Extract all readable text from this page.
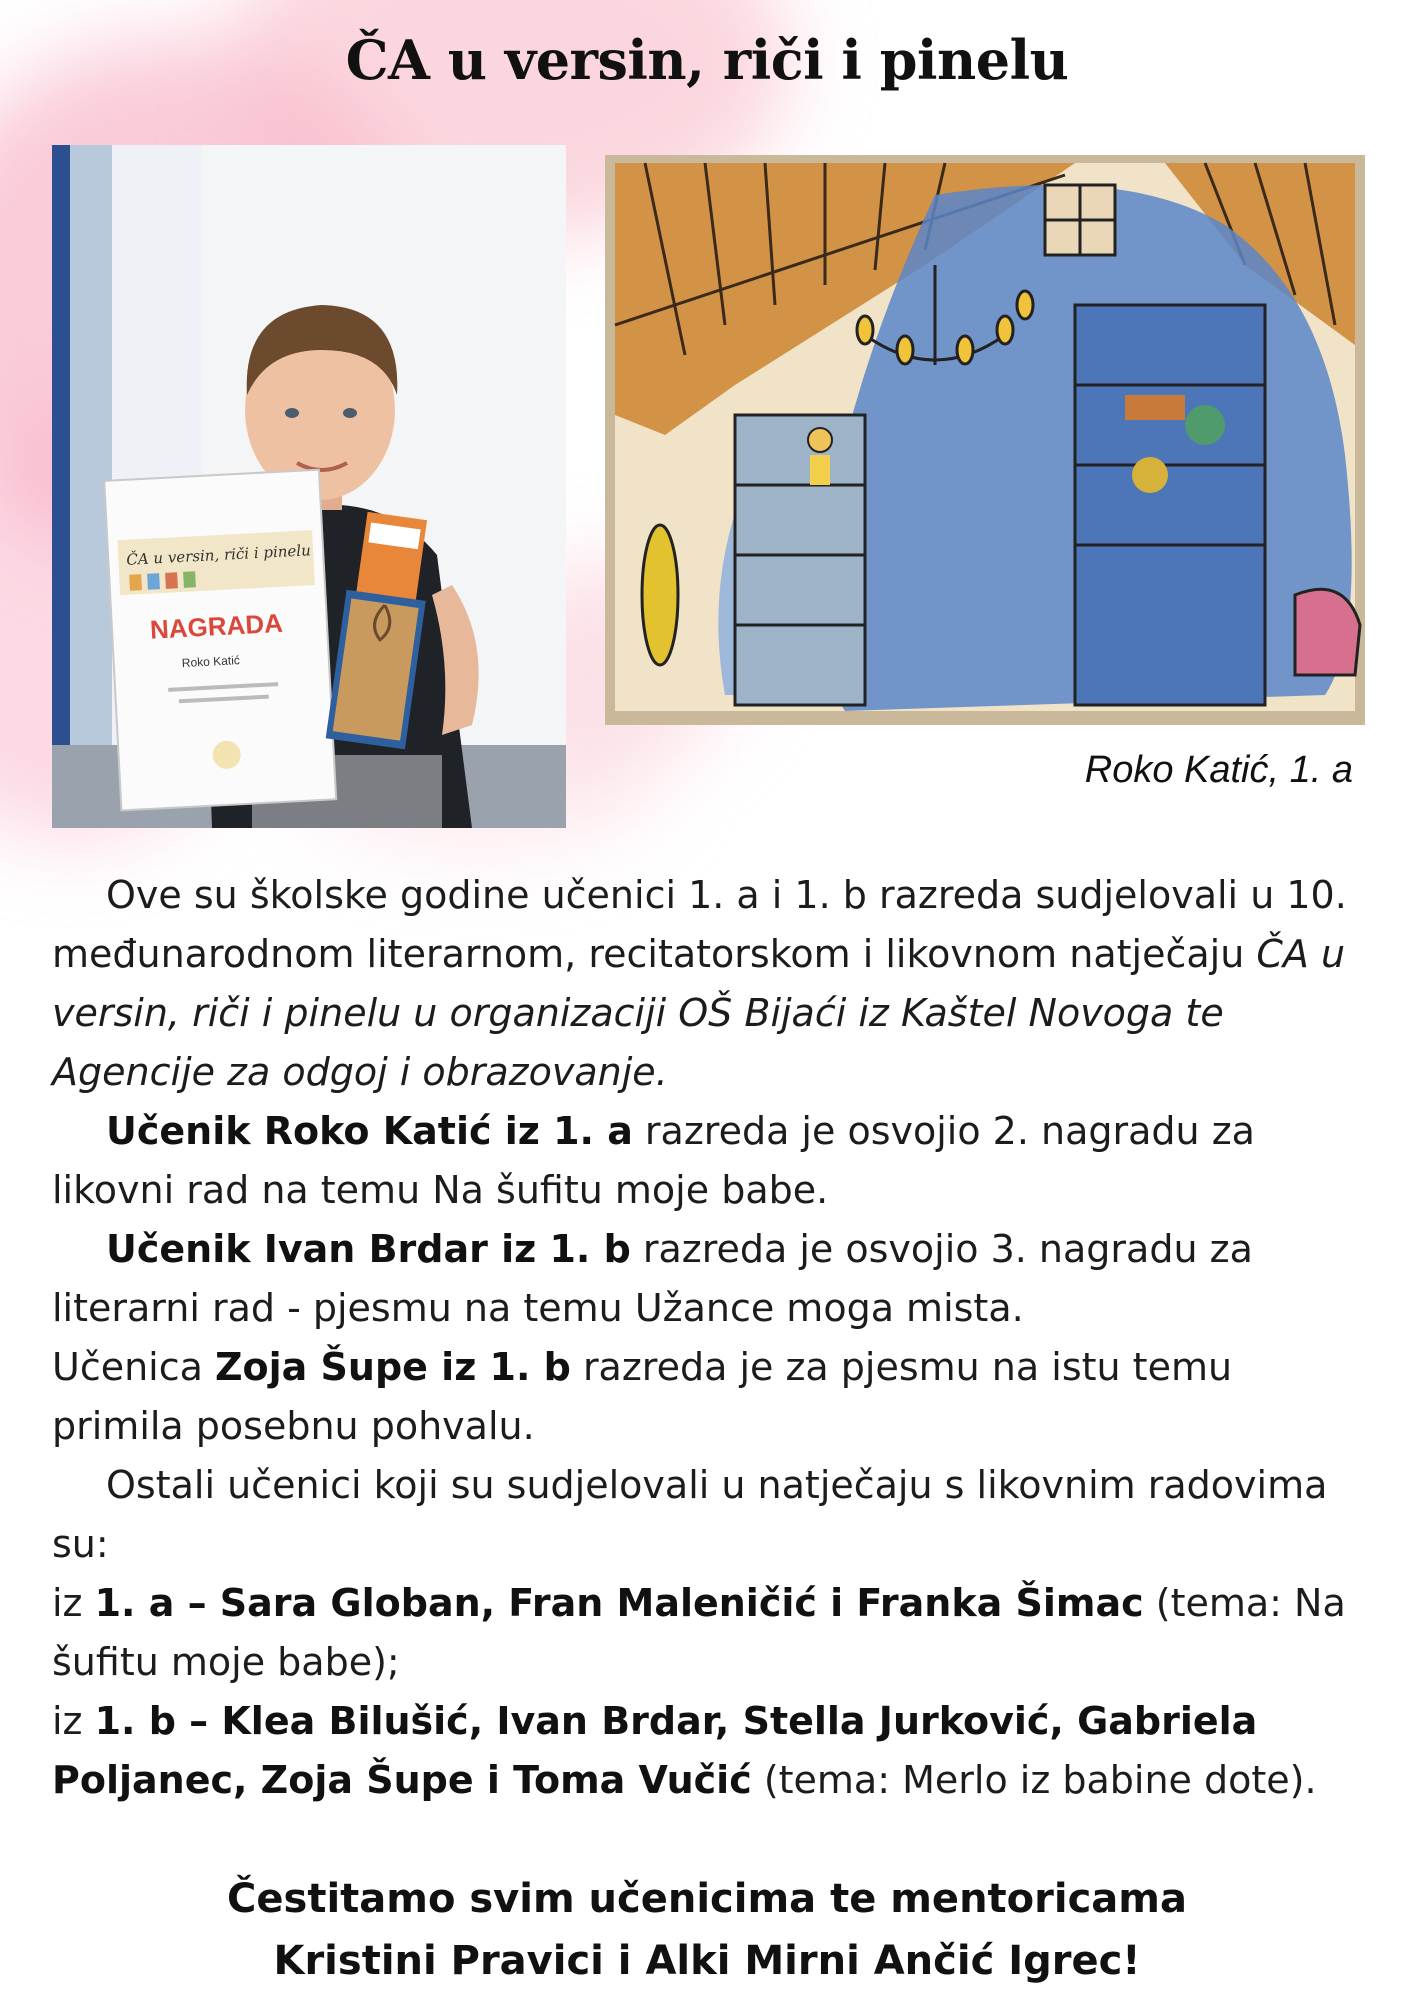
ČA u versin, riči i pinelu
ČA u versin, riči i pinelu
NAGRADA
Roko Katić
Roko Katić, 1. a

Ove su školske godine učenici 1. a i 1. b razreda sudjelovali u 10. međunarodnom literarnom, recitatorskom i likovnom natječaju ČA u versin, riči i pinelu u organizaciji OŠ Bijaći iz Kaštel Novoga te Agencije za odgoj i obrazovanje.

Učenik Roko Katić iz 1. a razreda je osvojio 2. nagradu za likovni rad na temu Na šufitu moje babe.

Učenik Ivan Brdar iz 1. b razreda je osvojio 3. nagradu za literarni rad - pjesmu na temu Užance moga mista.

Učenica Zoja Šupe iz 1. b razreda je za pjesmu na istu temu primila posebnu pohvalu.

Ostali učenici koji su sudjelovali u natječaju s likovnim radovima su:

iz 1. a – Sara Globan, Fran Maleničić i Franka Šimac (tema: Na šufitu moje babe);

iz 1. b – Klea Bilušić, Ivan Brdar, Stella Jurković, Gabriela Poljanec, Zoja Šupe i Toma Vučić (tema: Merlo iz babine dote).

Čestitamo svim učenicima te mentoricama
Kristini Pravici i Alki Mirni Ančić Igrec!
